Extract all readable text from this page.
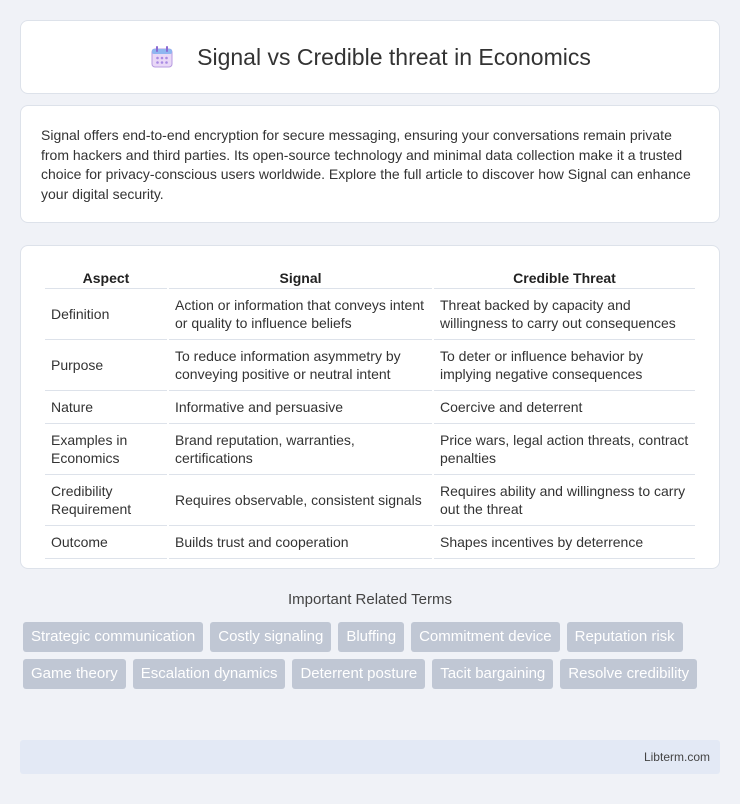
Signal vs Credible threat in Economics

Signal offers end-to-end encryption for secure messaging, ensuring your conversations remain private from hackers and third parties. Its open-source technology and minimal data collection make it a trusted choice for privacy-conscious users worldwide. Explore the full article to discover how Signal can enhance your digital security.

Aspect	Signal	Credible Threat
Definition	Action or information that conveys intent or quality to influence beliefs	Threat backed by capacity and willingness to carry out consequences
Purpose	To reduce information asymmetry by conveying positive or neutral intent	To deter or influence behavior by implying negative consequences
Nature	Informative and persuasive	Coercive and deterrent
Examples in Economics	Brand reputation, warranties, certifications	Price wars, legal action threats, contract penalties
Credibility Requirement	Requires observable, consistent signals	Requires ability and willingness to carry out the threat
Outcome	Builds trust and cooperation	Shapes incentives by deterrence
Important Related Terms
Strategic communication	Costly signaling	Bluffing	Commitment device	Reputation risk
Game theory	Escalation dynamics	Deterrent posture	Tacit bargaining	Resolve credibility
Libterm.com
